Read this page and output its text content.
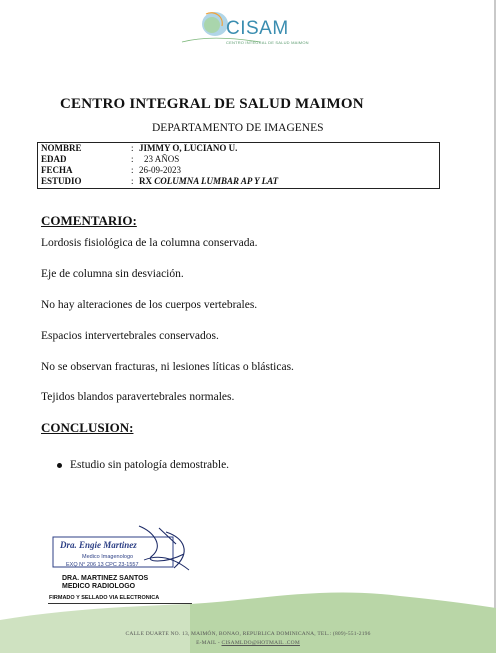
CISAM
CENTRO INTEGRAL DE SALUD MAIMON
CENTRO INTEGRAL DE SALUD MAIMON
DEPARTAMENTO DE IMAGENES
NOMBRE	: JIMMY O, LUCIANO U.
EDAD	: 23 AÑOS
FECHA	: 26-09-2023
ESTUDIO	: RX COLUMNA LUMBAR AP Y LAT
COMENTARIO:
Lordosis fisiológica de la columna conservada.
Eje de columna sin desviación.
No hay alteraciones de los cuerpos vertebrales.
Espacios intervertebrales conservados.
No se observan fracturas, ni lesiones líticas o blásticas.
Tejidos blandos paravertebrales normales.
CONCLUSION:
Estudio sin patología demostrable.
Dra. Engie Martinez
Medico Imagenologo
EXQ N° 206 13 CPC 23-1557
DRA. MARTINEZ SANTOS
MEDICO RADIOLOGO
FIRMADO Y SELLADO VIA ELECTRONICA
CALLE DUARTE NO. 13, MAIMÓN, BONAO, REPUBLICA DOMINICANA, TEL.: (809)-551-2196
E-MAIL - CISAMLDO@HOTMAIL .COM
